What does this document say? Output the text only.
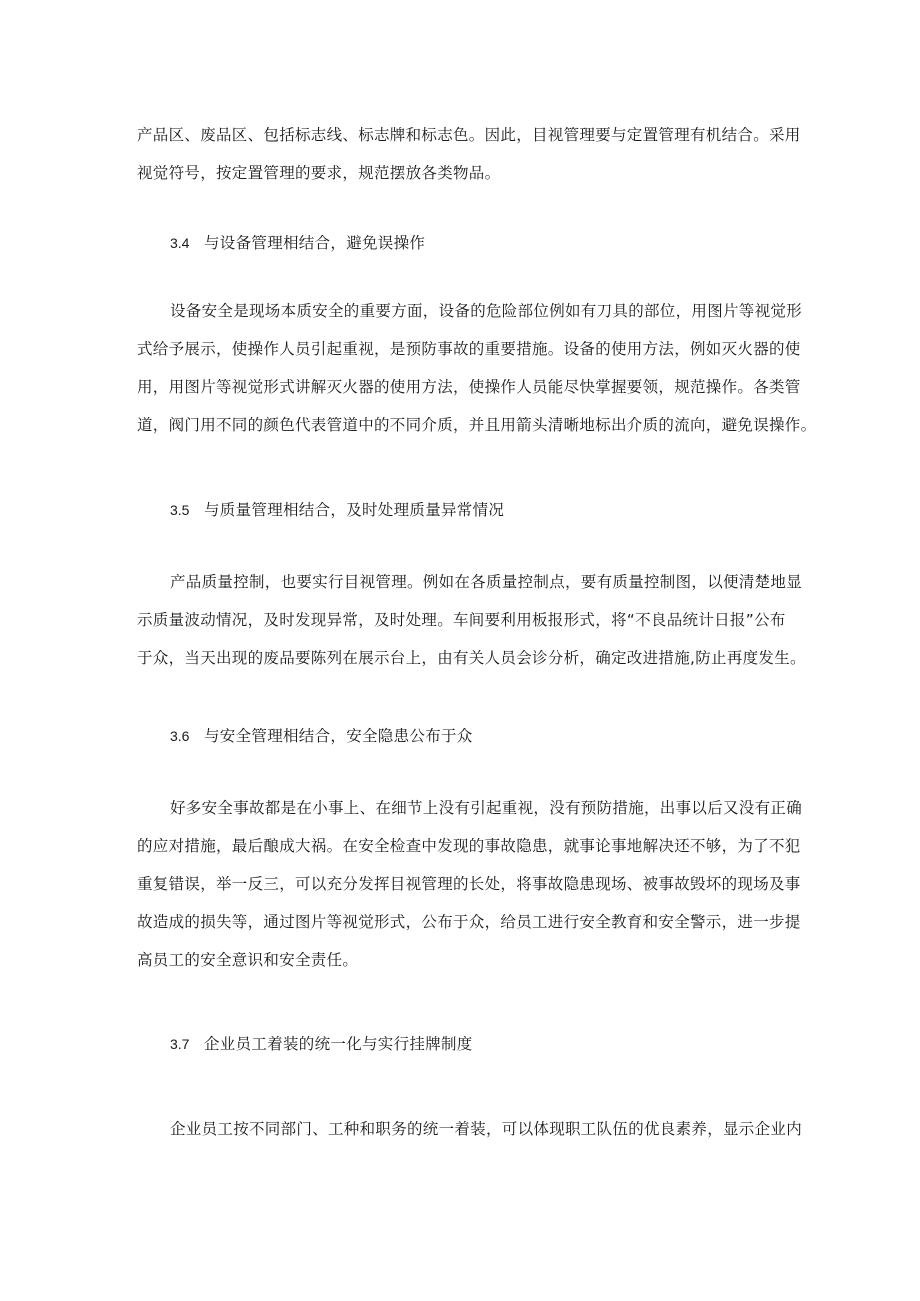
产品区、废品区、包括标志线、标志牌和标志色。因此，目视管理要与定置管理有机结合。采用

视觉符号，按定置管理的要求，规范摆放各类物品。

3.4 与设备管理相结合，避免误操作

设备安全是现场本质安全的重要方面，设备的危险部位例如有刀具的部位，用图片等视觉形

式给予展示，使操作人员引起重视，是预防事故的重要措施。设备的使用方法，例如灭火器的使

用，用图片等视觉形式讲解灭火器的使用方法，使操作人员能尽快掌握要领，规范操作。各类管

道，阀门用不同的颜色代表管道中的不同介质，并且用箭头清晰地标出介质的流向，避免误操作。

3.5 与质量管理相结合，及时处理质量异常情况

产品质量控制，也要实行目视管理。例如在各质量控制点，要有质量控制图，以便清楚地显

示质量波动情况，及时发现异常，及时处理。车间要利用板报形式，将“不良品统计日报”公布

于众，当天出现的废品要陈列在展示台上，由有关人员会诊分析，确定改进措施,防止再度发生。

3.6 与安全管理相结合，安全隐患公布于众

好多安全事故都是在小事上、在细节上没有引起重视，没有预防措施，出事以后又没有正确

的应对措施，最后酿成大祸。在安全检查中发现的事故隐患，就事论事地解决还不够，为了不犯

重复错误，举一反三，可以充分发挥目视管理的长处，将事故隐患现场、被事故毁坏的现场及事

故造成的损失等，通过图片等视觉形式，公布于众，给员工进行安全教育和安全警示，进一步提

高员工的安全意识和安全责任。

3.7 企业员工着装的统一化与实行挂牌制度

企业员工按不同部门、工种和职务的统一着装，可以体现职工队伍的优良素养，显示企业内
